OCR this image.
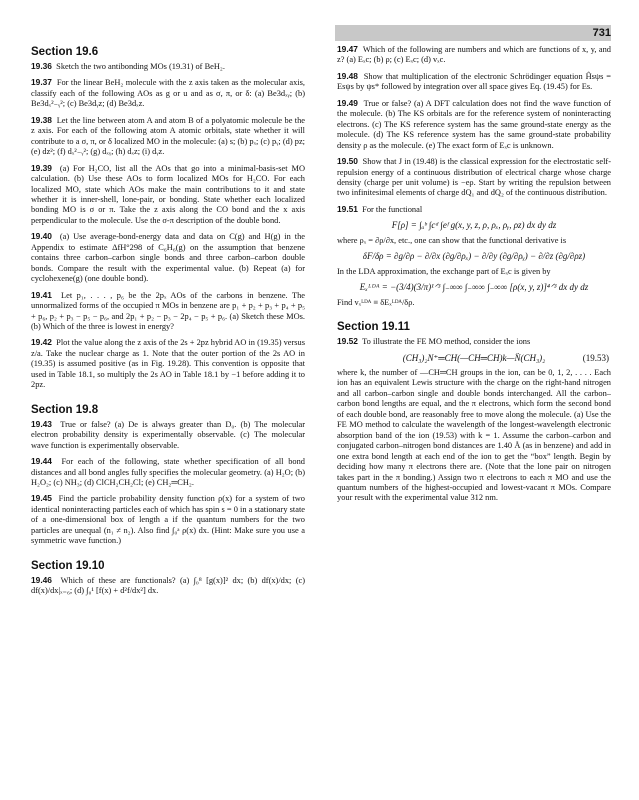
731
Section 19.6

19.36 Sketch the two antibonding MOs (19.31) of BeH₂.

19.37 For the linear BeH₂ molecule with the z axis taken as the molecular axis, classify each of the following AOs as g or u and as σ, π, or δ: (a) Be3dₓᵧ; (b) Be3dₓ²₋ᵧ²; (c) Be3dᵧz; (d) Be3dₓz.

19.38 Let the line between atom A and atom B of a polyatomic molecule be the z axis. For each of the following atom A atomic orbitals, state whether it will contribute to a σ, π, or δ localized MO in the molecule: (a) s; (b) pₓ; (c) pᵧ; (d) pz; (e) dz²; (f) dₓ²₋ᵧ²; (g) dₓᵧ; (h) dₓz; (i) dᵧz.

19.39 (a) For H₂CO, list all the AOs that go into a minimal-basis-set MO calculation. (b) Use these AOs to form localized MOs for H₂CO. For each localized MO, state which AOs make the main contributions to it and state whether it is inner-shell, lone-pair, or bonding. State whether each localized bonding MO is σ or π. Take the z axis along the CO bond and the x axis perpendicular to the molecule. Use the σ-π description of the double bond.

19.40 (a) Use average-bond-energy data and data on C(g) and H(g) in the Appendix to estimate ΔfH°298 of C₆H₆(g) on the assumption that benzene contains three carbon–carbon single bonds and three carbon–carbon double bonds. Compare the result with the experimental value. (b) Repeat (a) for cyclohexene(g) (one double bond).

19.41 Let p₁, . . . , p₆ be the 2pₓ AOs of the carbons in benzene. The unnormalized forms of the occupied π MOs in benzene are p₁ + p₂ + p₃ + p₄ + p₅ + p₆, p₂ + p₃ − p₅ − p₆, and 2p₁ + p₂ − p₃ − 2p₄ − p₅ + p₆. (a) Sketch these MOs. (b) Which of the three is lowest in energy?

19.42 Plot the value along the z axis of the 2s + 2pz hybrid AO in (19.35) versus z/a. Take the nuclear charge as 1. Note that the outer portion of the 2s AO in (19.35) is assumed positive (as in Fig. 19.28). This convention is opposite that used in Table 18.1, so multiply the 2s AO in Table 18.1 by −1 before adding it to 2pz.

Section 19.8

19.43 True or false? (a) De is always greater than D₀. (b) The molecular electron probability density is experimentally observable. (c) The molecular wave function is experimentally observable.

19.44 For each of the following, state whether specification of all bond distances and all bond angles fully specifies the molecular geometry. (a) H₂O; (b) H₂O₂; (c) NH₃; (d) ClCH₂CH₂Cl; (e) CH₂═CH₂.

19.45 Find the particle probability density function ρ(x) for a system of two identical noninteracting particles each of which has spin s = 0 in a stationary state of a one-dimensional box of length a if the quantum numbers for the two particles are unequal (n₁ ≠ n₂). Also find ∫₀ᵃ ρ(x) dx. (Hint: Make sure you use a symmetric wave function.)

Section 19.10

19.46 Which of these are functionals? (a) ∫₀⁸ [g(x)]² dx; (b) df(x)/dx; (c) df(x)/dx|ₓ₌₆; (d) ∫₀¹ [f(x) + d²f/dx²] dx.

19.47 Which of the following are numbers and which are functions of x, y, and z? (a) Eₓc; (b) ρ; (c) Eₓc; (d) vₓc.

19.48 Show that multiplication of the electronic Schrödinger equation Ĥsψs = Esψs by ψs* followed by integration over all space gives Eq. (19.45) for Es.

19.49 True or false? (a) A DFT calculation does not find the wave function of the molecule. (b) The KS orbitals are for the reference system of noninteracting electrons. (c) The KS reference system has the same ground-state energy as the molecule. (d) The KS reference system has the same ground-state probability density ρ as the molecule. (e) The exact form of Eₓc is unknown.

19.50 Show that J in (19.48) is the classical expression for the electrostatic self-repulsion energy of a continuous distribution of electrical charge whose charge density (charge per unit volume) is −eρ. Start by writing the repulsion between two infinitesimal elements of charge dQ₁ and dQ₂ of the continuous distribution.

19.51 For the functional

F[ρ] = ∫ₐᵇ ∫cᵈ ∫eᶠ g(x, y, z, ρ, ρₓ, ρᵧ, ρz) dx dy dz

where ρₓ = ∂ρ/∂x, etc., one can show that the functional derivative is

δF/δρ = ∂g/∂ρ − ∂/∂x (∂g/∂ρₓ) − ∂/∂y (∂g/∂ρᵧ) − ∂/∂z (∂g/∂ρz)

In the LDA approximation, the exchange part of Eₓc is given by

Eₓᴸᴰᴬ = −(3/4)(3/π)¹ᐟ³ ∫₋∞∞ ∫₋∞∞ ∫₋∞∞ [ρ(x, y, z)]⁴ᐟ³ dx dy dz

Find vₓᴸᴰᴬ ≡ δEₓᴸᴰᴬ/δρ.

Section 19.11

19.52 To illustrate the FE MO method, consider the ions

(CH₃)₂N⁺═CH(—CH═CH)k—N̈(CH₃)₂	(19.53)

where k, the number of —CH═CH groups in the ion, can be 0, 1, 2, . . . . Each ion has an equivalent Lewis structure with the charge on the right-hand nitrogen and all carbon–carbon single and double bonds interchanged. All the carbon–carbon bond lengths are equal, and the π electrons, which form the second bond of each double bond, are reasonably free to move along the molecule. (a) Use the FE MO method to calculate the wavelength of the longest-wavelength electronic absorption band of the ion (19.53) with k = 1. Assume the carbon–carbon and conjugated carbon–nitrogen bond distances are 1.40 Å (as in benzene) and add in one extra bond length at each end of the ion to get the “box” length. Begin by deciding how many π electrons there are. (Note that the lone pair on nitrogen takes part in the π bonding.) Assign two π electrons to each π MO and use the quantum numbers of the highest-occupied and lowest-vacant π MOs. Compare your result with the experimental value 312 nm.
